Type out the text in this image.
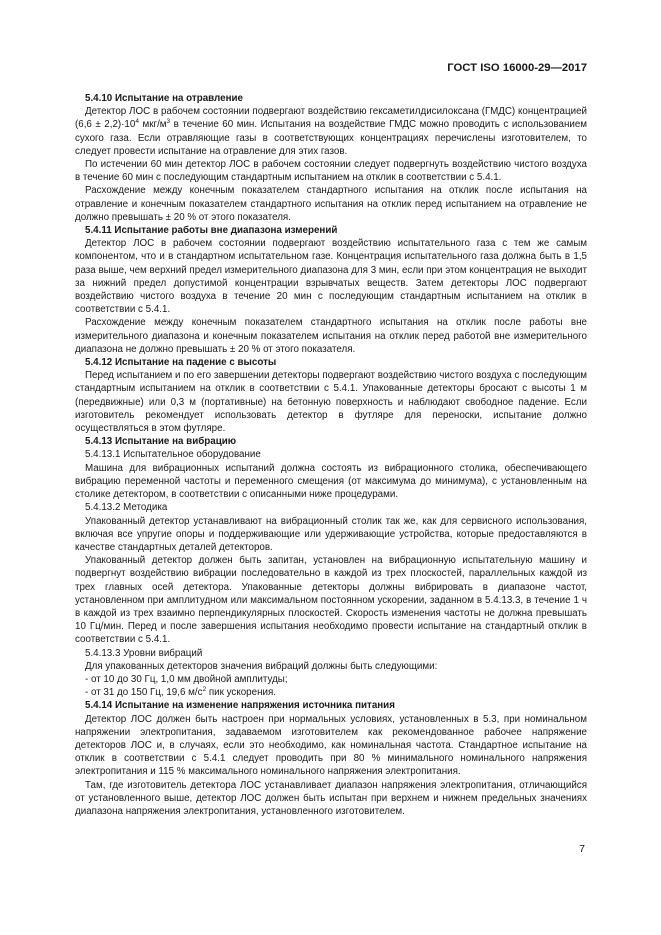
ГОСТ ISO 16000-29—2017

5.4.10 Испытание на отравление

Детектор ЛОС в рабочем состоянии подвергают воздействию гексаметилдисилоксана (ГМДС) концентрацией $(6,6 \pm 2,2)\cdot 10^4$ мкг/$м^3$ в течение 60 мин. Испытания на воздействие ГМДС можно проводить с использованием сухого газа. Если отравляющие газы в соответствующих концентрациях перечислены изготовителем, то следует провести испытание на отравление для этих газов.

По истечении 60 мин детектор ЛОС в рабочем состоянии следует подвергнуть воздействию чистого воздуха в течение 60 мин с последующим стандартным испытанием на отклик в соответствии с 5.4.1.

Расхождение между конечным показателем стандартного испытания на отклик после испытания на отравление и конечным показателем стандартного испытания на отклик перед испытанием на отравление не должно превышать ± 20 % от этого показателя.

5.4.11 Испытание работы вне диапазона измерений

Детектор ЛОС в рабочем состоянии подвергают воздействию испытательного газа с тем же самым компонентом, что и в стандартном испытательном газе. Концентрация испытательного газа должна быть в 1,5 раза выше, чем верхний предел измерительного диапазона для 3 мин, если при этом концентрация не выходит за нижний предел допустимой концентрации взрывчатых веществ. Затем детекторы ЛОС подвергают воздействию чистого воздуха в течение 20 мин с последующим стандартным испытанием на отклик в соответствии с 5.4.1.

Расхождение между конечным показателем стандартного испытания на отклик после работы вне измерительного диапазона и конечным показателем испытания на отклик перед работой вне измерительного диапазона не должно превышать ± 20 % от этого показателя.

5.4.12 Испытание на падение с высоты

Перед испытанием и по его завершении детекторы подвергают воздействию чистого воздуха с последующим стандартным испытанием на отклик в соответствии с 5.4.1. Упакованные детекторы бросают с высоты 1 м (передвижные) или 0,3 м (портативные) на бетонную поверхность и наблюдают свободное падение. Если изготовитель рекомендует использовать детектор в футляре для переноски, испытание должно осуществляться в этом футляре.

5.4.13 Испытание на вибрацию

5.4.13.1 Испытательное оборудование

Машина для вибрационных испытаний должна состоять из вибрационного столика, обеспечивающего вибрацию переменной частоты и переменного смещения (от максимума до минимума), с установленным на столике детектором, в соответствии с описанными ниже процедурами.

5.4.13.2 Методика

Упакованный детектор устанавливают на вибрационный столик так же, как для сервисного использования, включая все упругие опоры и поддерживающие или удерживающие устройства, которые предоставляются в качестве стандартных деталей детекторов.

Упакованный детектор должен быть запитан, установлен на вибрационную испытательную машину и подвергнут воздействию вибрации последовательно в каждой из трех плоскостей, параллельных каждой из трех главных осей детектора. Упакованные детекторы должны вибрировать в диапазоне частот, установленном при амплитудном или максимальном постоянном ускорении, заданном в 5.4.13.3, в течение 1 ч в каждой из трех взаимно перпендикулярных плоскостей. Скорость изменения частоты не должна превышать 10 Гц/мин. Перед и после завершения испытания необходимо провести испытание на стандартный отклик в соответствии с 5.4.1.

5.4.13.3 Уровни вибраций

Для упакованных детекторов значения вибраций должны быть следующими:

- от 10 до 30 Гц, 1,0 мм двойной амплитуды;

- от 31 до 150 Гц, 19,6 $м/с^2$ пик ускорения.

5.4.14 Испытание на изменение напряжения источника питания

Детектор ЛОС должен быть настроен при нормальных условиях, установленных в 5.3, при номинальном напряжении электропитания, задаваемом изготовителем как рекомендованное рабочее напряжение детекторов ЛОС и, в случаях, если это необходимо, как номинальная частота. Стандартное испытание на отклик в соответствии с 5.4.1 следует проводить при 80 % минимального номинального напряжения электропитания и 115 % максимального номинального напряжения электропитания.

Там, где изготовитель детектора ЛОС устанавливает диапазон напряжения электропитания, отличающийся от установленного выше, детектор ЛОС должен быть испытан при верхнем и нижнем предельных значениях диапазона напряжения электропитания, установленного изготовителем.

7
